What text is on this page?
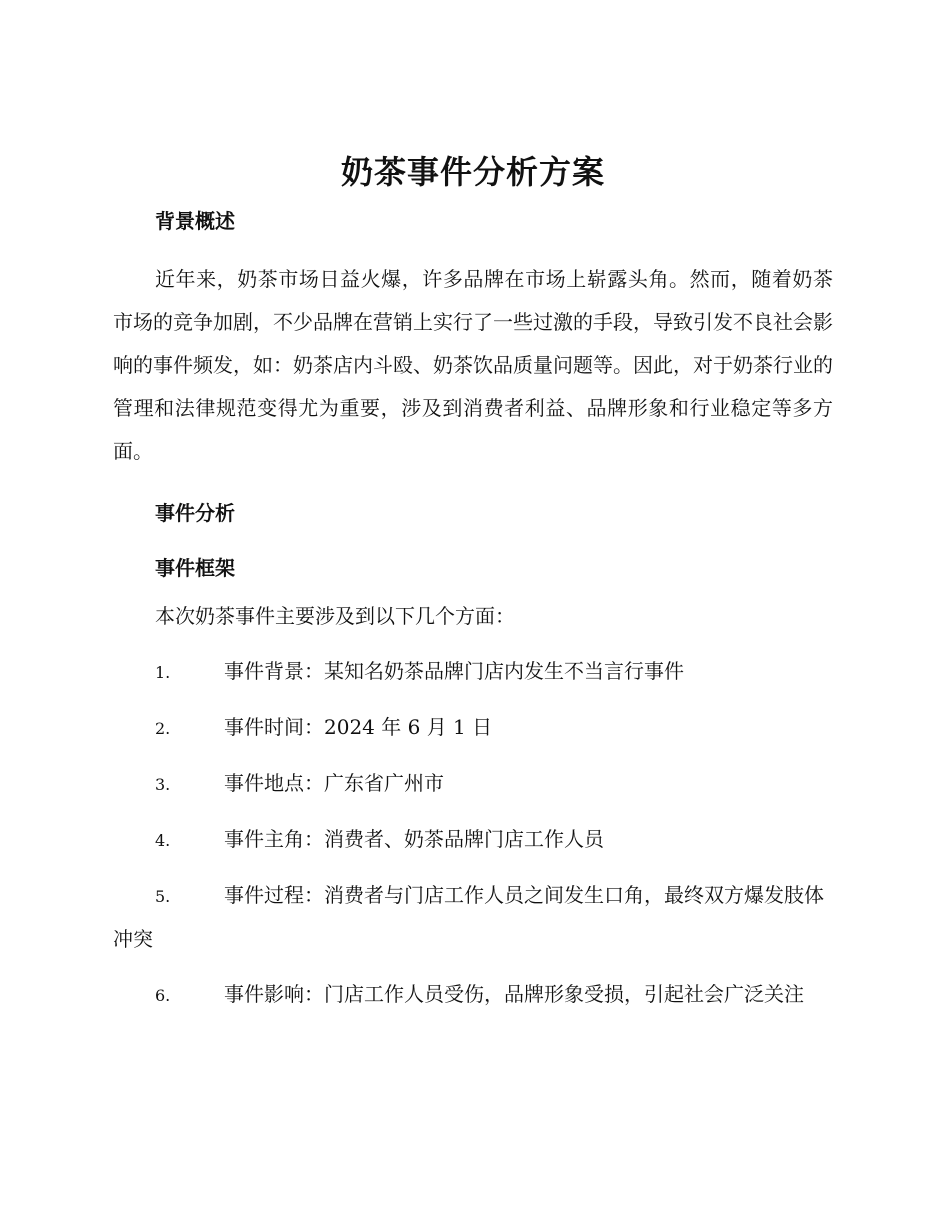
奶茶事件分析方案
背景概述

近年来，奶茶市场日益火爆，许多品牌在市场上崭露头角。然而，随着奶茶市场的竞争加剧，不少品牌在营销上实行了一些过激的手段，导致引发不良社会影响的事件频发，如：奶茶店内斗殴、奶茶饮品质量问题等。因此，对于奶茶行业的管理和法律规范变得尤为重要，涉及到消费者利益、品牌形象和行业稳定等多方面。

事件分析
事件框架

本次奶茶事件主要涉及到以下几个方面：

1.	事件背景：某知名奶茶品牌门店内发生不当言行事件

2.	事件时间：2024 年 6 月 1 日

3.	事件地点：广东省广州市

4.	事件主角：消费者、奶茶品牌门店工作人员

5.	事件过程：消费者与门店工作人员之间发生口角，最终双方爆发肢体冲突

6.	事件影响：门店工作人员受伤，品牌形象受损，引起社会广泛关注
